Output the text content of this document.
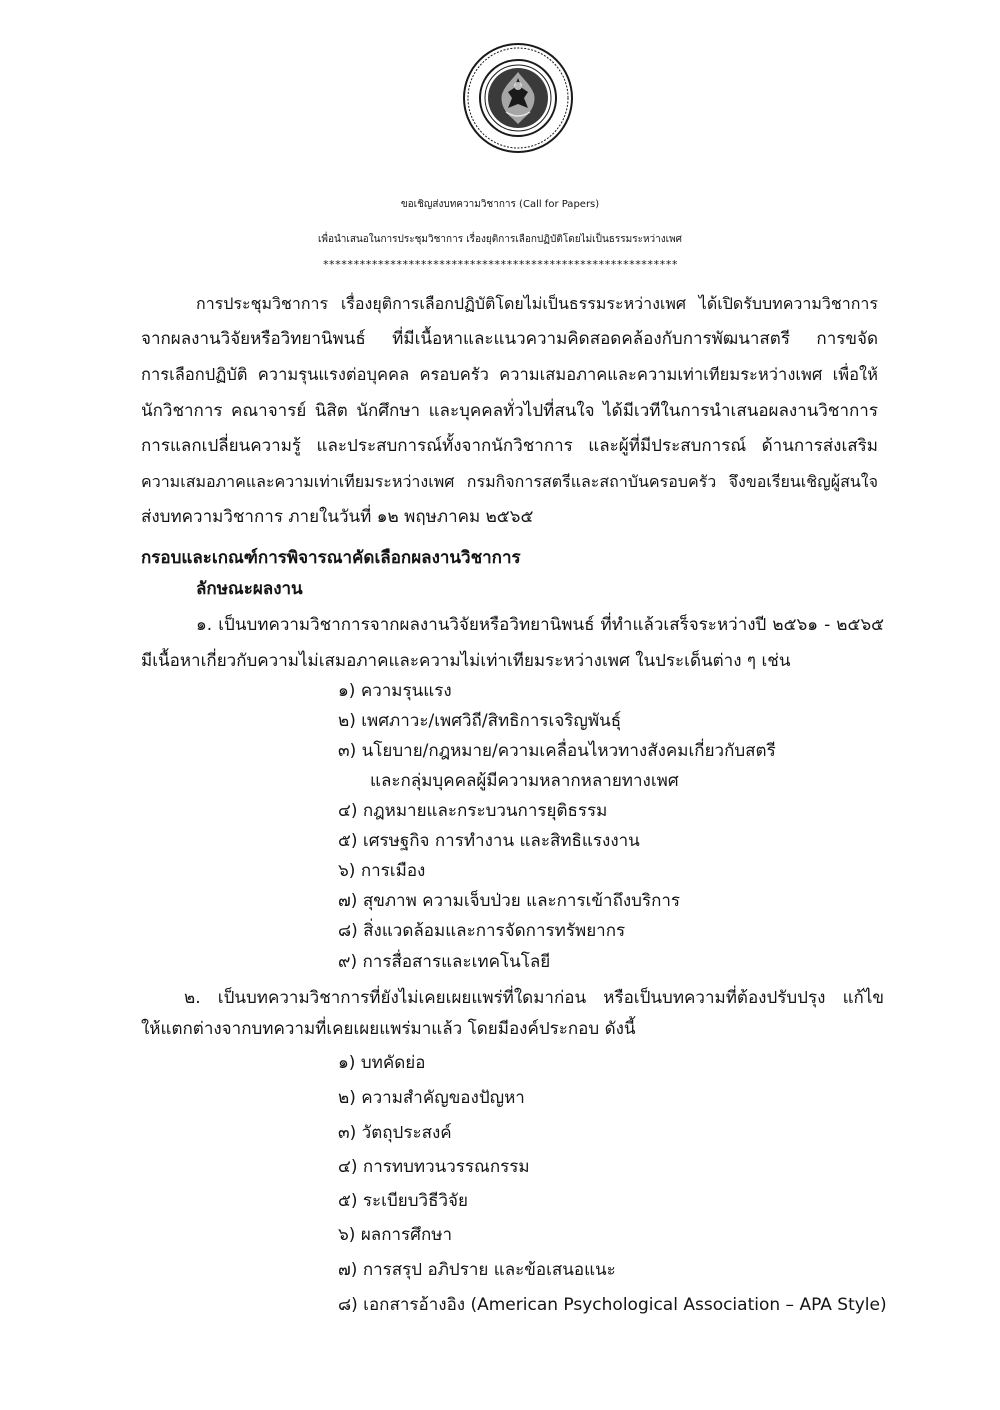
ขอเชิญส่งบทความวิชาการ (Call for Papers)
เพื่อนำเสนอในการประชุมวิชาการ เรื่องยุติการเลือกปฏิบัติโดยไม่เป็นธรรมระหว่างเพศ
**********************************************************
การประชุมวิชาการ เรื่องยุติการเลือกปฏิบัติโดยไม่เป็นธรรมระหว่างเพศ ได้เปิดรับบทความวิชาการ
จากผลงานวิจัยหรือวิทยานิพนธ์ ที่มีเนื้อหาและแนวความคิดสอดคล้องกับการพัฒนาสตรี การขจัด
การเลือกปฏิบัติ ความรุนแรงต่อบุคคล ครอบครัว ความเสมอภาคและความเท่าเทียมระหว่างเพศ เพื่อให้
นักวิชาการ คณาจารย์ นิสิต นักศึกษา และบุคคลทั่วไปที่สนใจ ได้มีเวทีในการนำเสนอผลงานวิชาการ
การแลกเปลี่ยนความรู้ และประสบการณ์ทั้งจากนักวิชาการ และผู้ที่มีประสบการณ์ ด้านการส่งเสริม
ความเสมอภาคและความเท่าเทียมระหว่างเพศ กรมกิจการสตรีและสถาบันครอบครัว จึงขอเรียนเชิญผู้สนใจ
ส่งบทความวิชาการ ภายในวันที่ ๑๒ พฤษภาคม ๒๕๖๕
กรอบและเกณฑ์การพิจารณาคัดเลือกผลงานวิชาการ
ลักษณะผลงาน
๑. เป็นบทความวิชาการจากผลงานวิจัยหรือวิทยานิพนธ์ ที่ทำแล้วเสร็จระหว่างปี ๒๕๖๑ - ๒๕๖๕
มีเนื้อหาเกี่ยวกับความไม่เสมอภาคและความไม่เท่าเทียมระหว่างเพศ ในประเด็นต่าง ๆ เช่น
๑) ความรุนแรง
๒) เพศภาวะ/เพศวิถี/สิทธิการเจริญพันธุ์
๓) นโยบาย/กฎหมาย/ความเคลื่อนไหวทางสังคมเกี่ยวกับสตรี
และกลุ่มบุคคลผู้มีความหลากหลายทางเพศ
๔) กฎหมายและกระบวนการยุติธรรม
๕) เศรษฐกิจ การทำงาน และสิทธิแรงงาน
๖) การเมือง
๗) สุขภาพ ความเจ็บป่วย และการเข้าถึงบริการ
๘) สิ่งแวดล้อมและการจัดการทรัพยากร
๙) การสื่อสารและเทคโนโลยี
๒. เป็นบทความวิชาการที่ยังไม่เคยเผยแพร่ที่ใดมาก่อน หรือเป็นบทความที่ต้องปรับปรุง แก้ไข
ให้แตกต่างจากบทความที่เคยเผยแพร่มาแล้ว โดยมีองค์ประกอบ ดังนี้
๑) บทคัดย่อ
๒) ความสำคัญของปัญหา
๓) วัตถุประสงค์
๔) การทบทวนวรรณกรรม
๕) ระเบียบวิธีวิจัย
๖) ผลการศึกษา
๗) การสรุป อภิปราย และข้อเสนอแนะ
๘) เอกสารอ้างอิง (American Psychological Association – APA Style)
